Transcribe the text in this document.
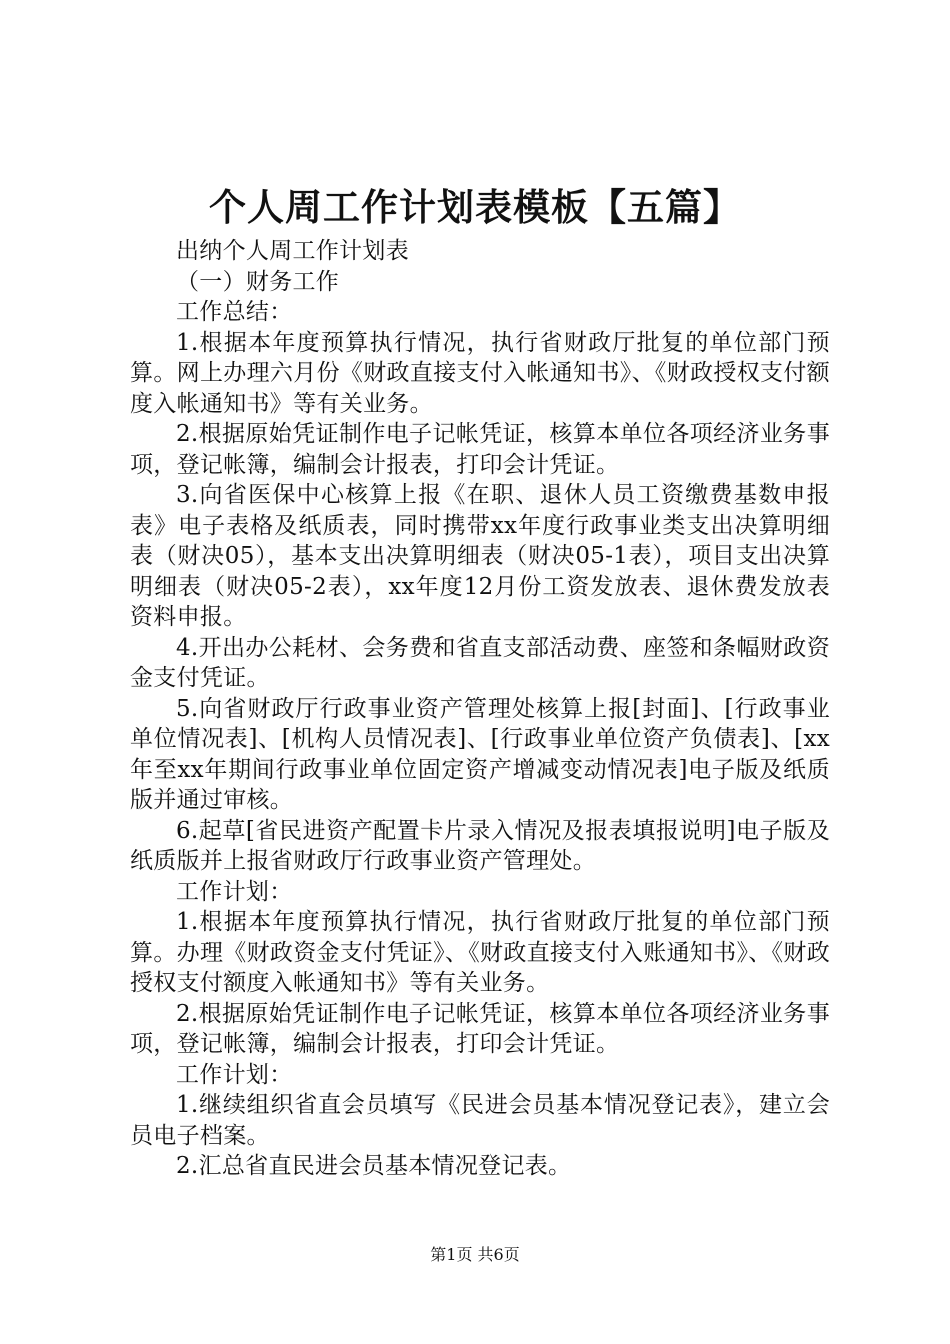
个人周工作计划表模板【五篇】

出纳个人周工作计划表

（一）财务工作

工作总结：

1.根据本年度预算执行情况，执行省财政厅批复的单位部门预算。网上办理六月份《财政直接支付入帐通知书》、《财政授权支付额度入帐通知书》等有关业务。

2.根据原始凭证制作电子记帐凭证，核算本单位各项经济业务事项，登记帐簿，编制会计报表，打印会计凭证。

3.向省医保中心核算上报《在职、退休人员工资缴费基数申报表》电子表格及纸质表，同时携带xx年度行政事业类支出决算明细表（财决05），基本支出决算明细表（财决05-1表），项目支出决算明细表（财决05-2表），xx年度12月份工资发放表、退休费发放表资料申报。

4.开出办公耗材、会务费和省直支部活动费、座签和条幅财政资金支付凭证。

5.向省财政厅行政事业资产管理处核算上报[封面]、[行政事业单位情况表]、[机构人员情况表]、[行政事业单位资产负债表]、[xx年至xx年期间行政事业单位固定资产增减变动情况表]电子版及纸质版并通过审核。

6.起草[省民进资产配置卡片录入情况及报表填报说明]电子版及纸质版并上报省财政厅行政事业资产管理处。

工作计划：

1.根据本年度预算执行情况，执行省财政厅批复的单位部门预算。办理《财政资金支付凭证》、《财政直接支付入账通知书》、《财政授权支付额度入帐通知书》等有关业务。

2.根据原始凭证制作电子记帐凭证，核算本单位各项经济业务事项，登记帐簿，编制会计报表，打印会计凭证。

工作计划：

1.继续组织省直会员填写《民进会员基本情况登记表》，建立会员电子档案。

2.汇总省直民进会员基本情况登记表。

第1页 共6页
